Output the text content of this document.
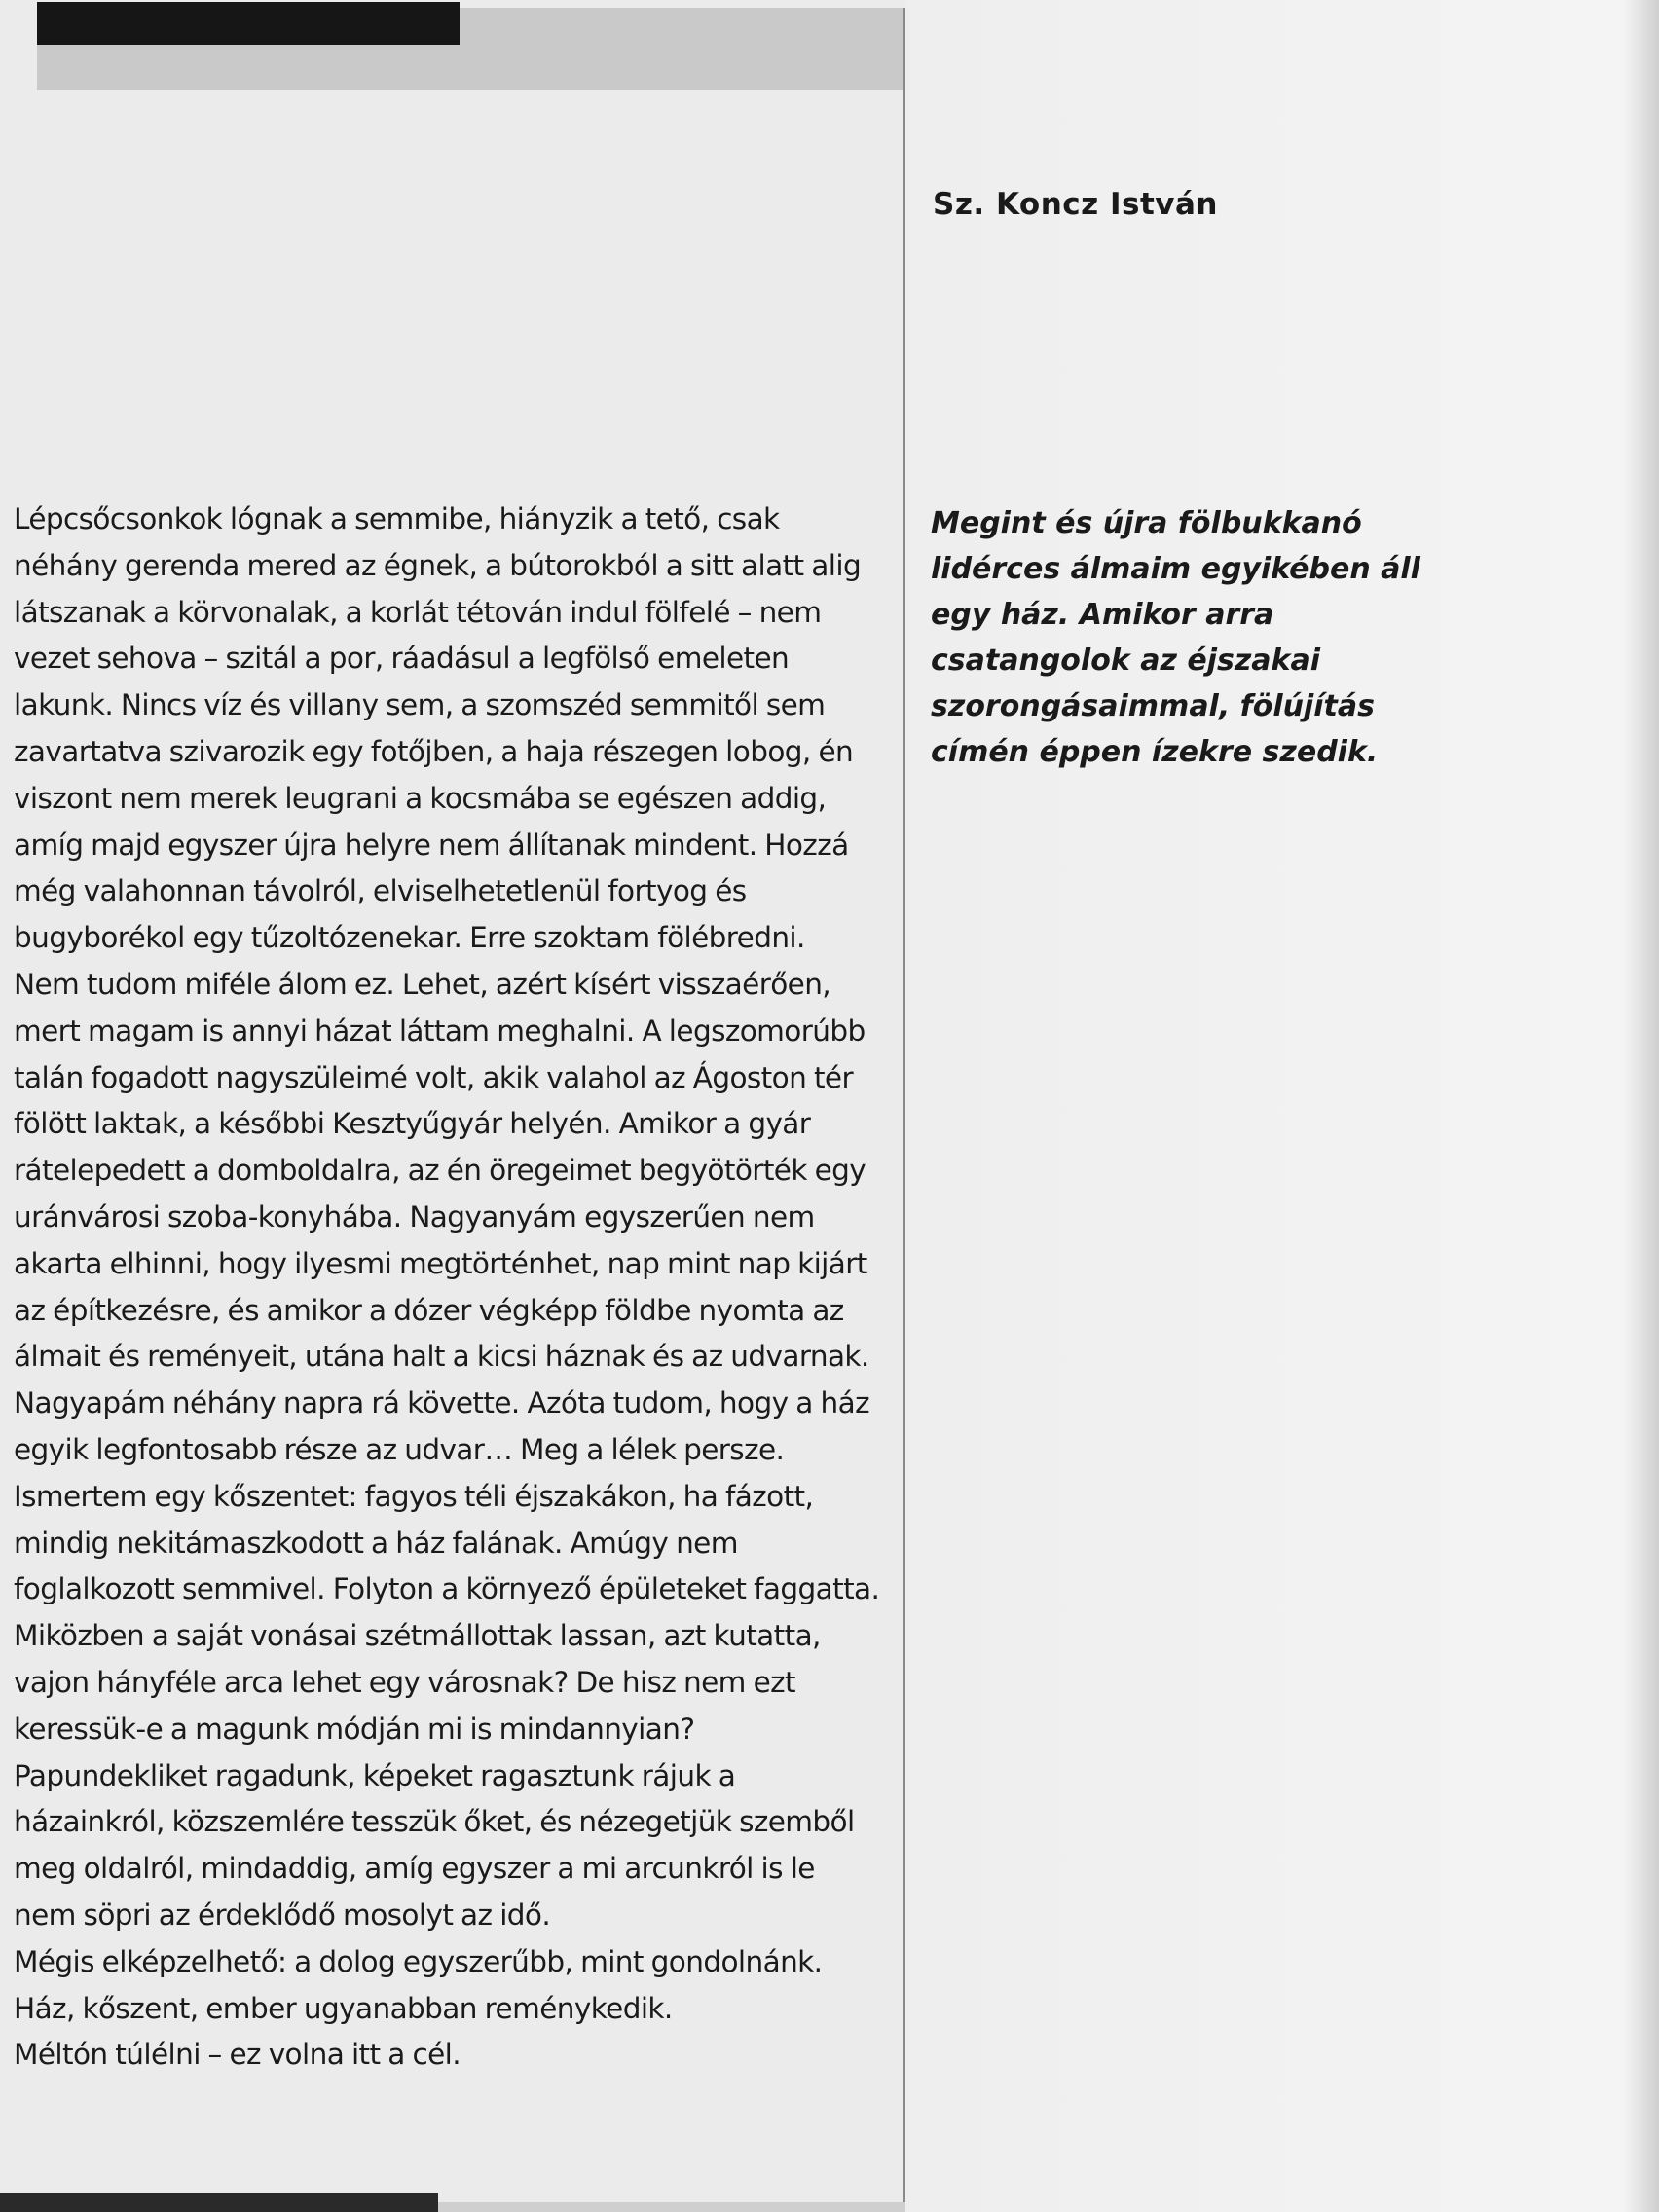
Sz. Koncz István

Megint és újra fölbukkanó lidérces álmaim egyikében áll egy ház. Amikor arra csatangolok az éjszakai szorongásaimmal, fölújítás címén éppen ízekre szedik.

Lépcsőcsonkok lógnak a semmibe, hiányzik a tető, csak néhány gerenda mered az égnek, a bútorokból a sitt alatt alig látszanak a körvonalak, a korlát tétován indul fölfelé – nem vezet sehova – szitál a por, ráadásul a legfölső emeleten lakunk. Nincs víz és villany sem, a szomszéd semmitől sem zavartatva szivarozik egy fotőjben, a haja részegen lobog, én viszont nem merek leugrani a kocsmába se egészen addig, amíg majd egyszer újra helyre nem állítanak mindent. Hozzá még valahonnan távolról, elviselhetetlenül fortyog és bugyborékol egy tűzoltózenekar. Erre szoktam fölébredni.

Nem tudom miféle álom ez. Lehet, azért kísért visszaérően, mert magam is annyi házat láttam meghalni. A legszomorúbb talán fogadott nagyszüleimé volt, akik valahol az Ágoston tér fölött laktak, a későbbi Kesztyűgyár helyén. Amikor a gyár rátelepedett a domboldalra, az én öregeimet begyötörték egy uránvárosi szoba-konyhába. Nagyanyám egyszerűen nem akarta elhinni, hogy ilyesmi megtörténhet, nap mint nap kijárt az építkezésre, és amikor a dózer végképp földbe nyomta az álmait és reményeit, utána halt a kicsi háznak és az udvarnak. Nagyapám néhány napra rá követte. Azóta tudom, hogy a ház egyik legfontosabb része az udvar… Meg a lélek persze.

Ismertem egy kőszentet: fagyos téli éjszakákon, ha fázott, mindig nekitámaszkodott a ház falának. Amúgy nem foglalkozott semmivel. Folyton a környező épületeket faggatta. Miközben a saját vonásai szétmállottak lassan, azt kutatta, vajon hányféle arca lehet egy városnak? De hisz nem ezt keressük-e a magunk módján mi is mindannyian? Papundekliket ragadunk, képeket ragasztunk rájuk a házainkról, közszemlére tesszük őket, és nézegetjük szemből meg oldalról, mindaddig, amíg egyszer a mi arcunkról is le nem söpri az érdeklődő mosolyt az idő.

Mégis elképzelhető: a dolog egyszerűbb, mint gondolnánk.

Ház, kőszent, ember ugyanabban reménykedik.

Méltón túlélni – ez volna itt a cél.
